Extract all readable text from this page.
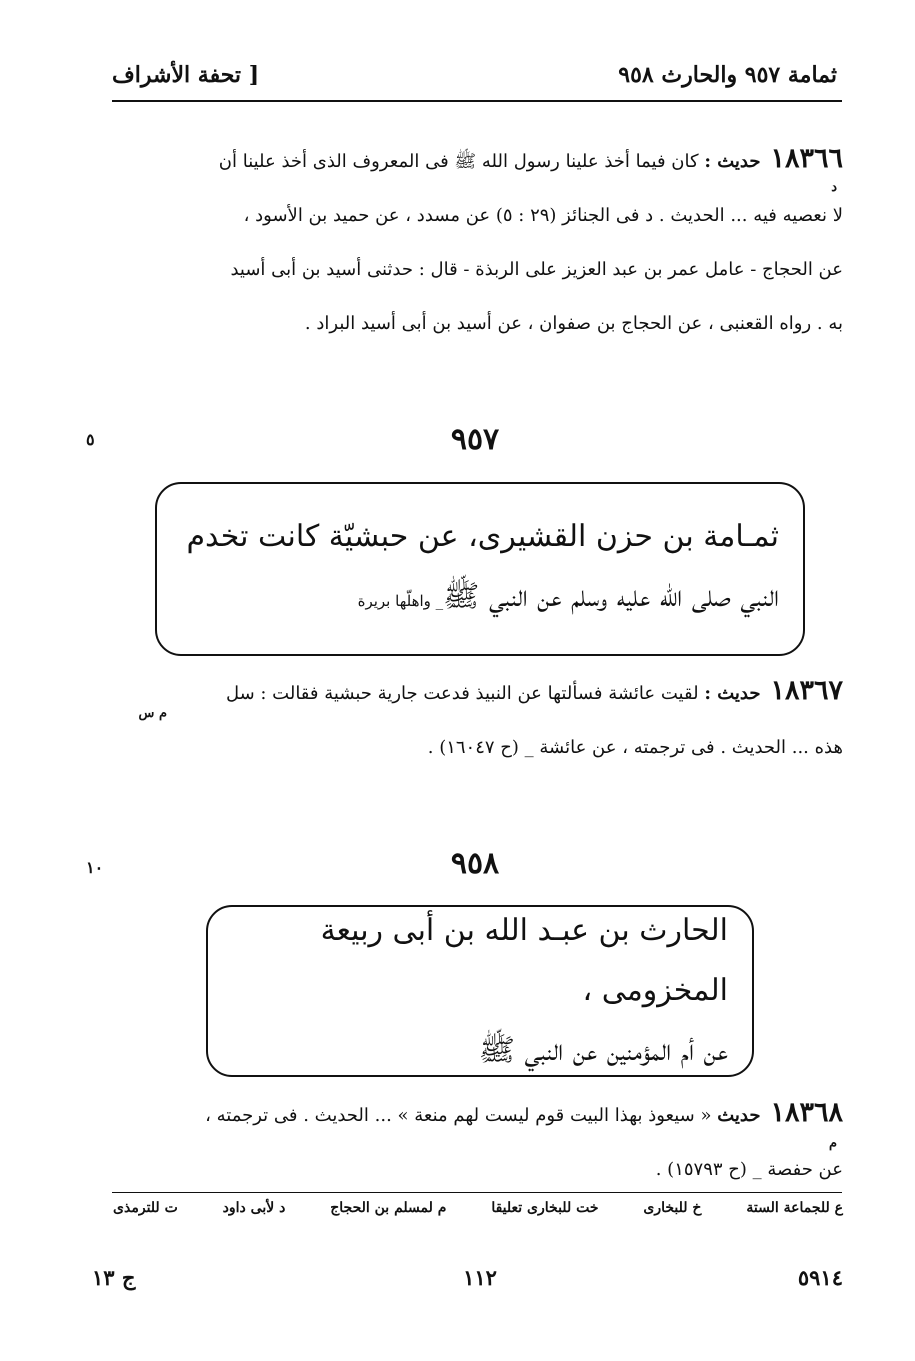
ثمامة ٩٥٧ والحارث ٩٥٨
[ تحفة الأشراف
١٨٣٦٦حديث : كان فيما أخذ علينا رسول الله ﷺ فى المعروف الذى أخذ علينا أن
لا نعصيه فيه ... الحديث . د فى الجنائز (٢٩ : ٥) عن مسدد ، عن حميد بن الأسود ،
عن الحجاج - عامل عمر بن عبد العزيز على الربذة - قال : حدثنى أسيد بن أبى أسيد
به . رواه القعنبى ، عن الحجاج بن صفوان ، عن أسيد بن أبى أسيد البراد .
د
٩٥٧
٥
ثمـامة بن حزن القشيرى، عن حبشيّة كانت تخدم
النبي صلى الله عليه وسلم عن النبي ﷺ_ واهلّها بريرة
١٨٣٦٧حديث : لقيت عائشة فسألتها عن النبيذ فدعت جارية حبشية فقالت : سل
هذه ... الحديث . فى ترجمته ، عن عائشة _ (ح ١٦٠٤٧) .
م س
٩٥٨
١٠
الحارث بن عبـد الله بن أبى ربيعة المخزومى ،
عن أم المؤمنين عن النبي ﷺ
١٨٣٦٨حديث « سيعوذ بهذا البيت قوم ليست لهم منعة » ... الحديث . فى ترجمته ،
عن حفصة _ (ح ١٥٧٩٣) .
م
ع للجماعة الستة
خ للبخارى
خت للبخارى تعليقا
م لمسلم بن الحجاج
د لأبى داود
ت للترمذى
٥٩١٤
١١٢
ج ١٣
